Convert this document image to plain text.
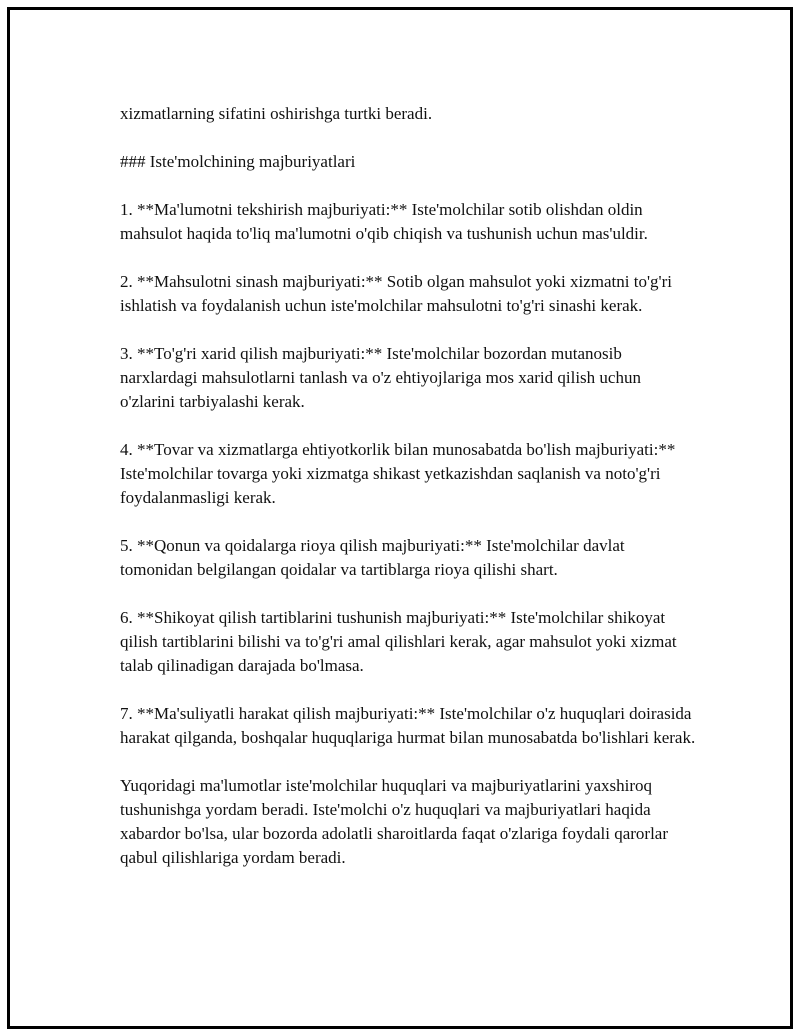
xizmatlarning sifatini oshirishga turtki beradi.

### Iste'molchining majburiyatlari

1. **Ma'lumotni tekshirish majburiyati:** Iste'molchilar sotib olishdan oldin mahsulot haqida to'liq ma'lumotni o'qib chiqish va tushunish uchun mas'uldir.

2. **Mahsulotni sinash majburiyati:** Sotib olgan mahsulot yoki xizmatni to'g'ri ishlatish va foydalanish uchun iste'molchilar mahsulotni to'g'ri sinashi kerak.

3. **To'g'ri xarid qilish majburiyati:** Iste'molchilar bozordan mutanosib narxlardagi mahsulotlarni tanlash va o'z ehtiyojlariga mos xarid qilish uchun o'zlarini tarbiyalashi kerak.

4. **Tovar va xizmatlarga ehtiyotkorlik bilan munosabatda bo'lish majburiyati:** Iste'molchilar tovarga yoki xizmatga shikast yetkazishdan saqlanish va noto'g'ri foydalanmasligi kerak.

5. **Qonun va qoidalarga rioya qilish majburiyati:** Iste'molchilar davlat tomonidan belgilangan qoidalar va tartiblarga rioya qilishi shart.

6. **Shikoyat qilish tartiblarini tushunish majburiyati:** Iste'molchilar shikoyat qilish tartiblarini bilishi va to'g'ri amal qilishlari kerak, agar mahsulot yoki xizmat talab qilinadigan darajada bo'lmasa.

7. **Ma'suliyatli harakat qilish majburiyati:** Iste'molchilar o'z huquqlari doirasida harakat qilganda, boshqalar huquqlariga hurmat bilan munosabatda bo'lishlari kerak.

Yuqoridagi ma'lumotlar iste'molchilar huquqlari va majburiyatlarini yaxshiroq tushunishga yordam beradi. Iste'molchi o'z huquqlari va majburiyatlari haqida xabardor bo'lsa, ular bozorda adolatli sharoitlarda faqat o'zlariga foydali qarorlar qabul qilishlariga yordam beradi.
